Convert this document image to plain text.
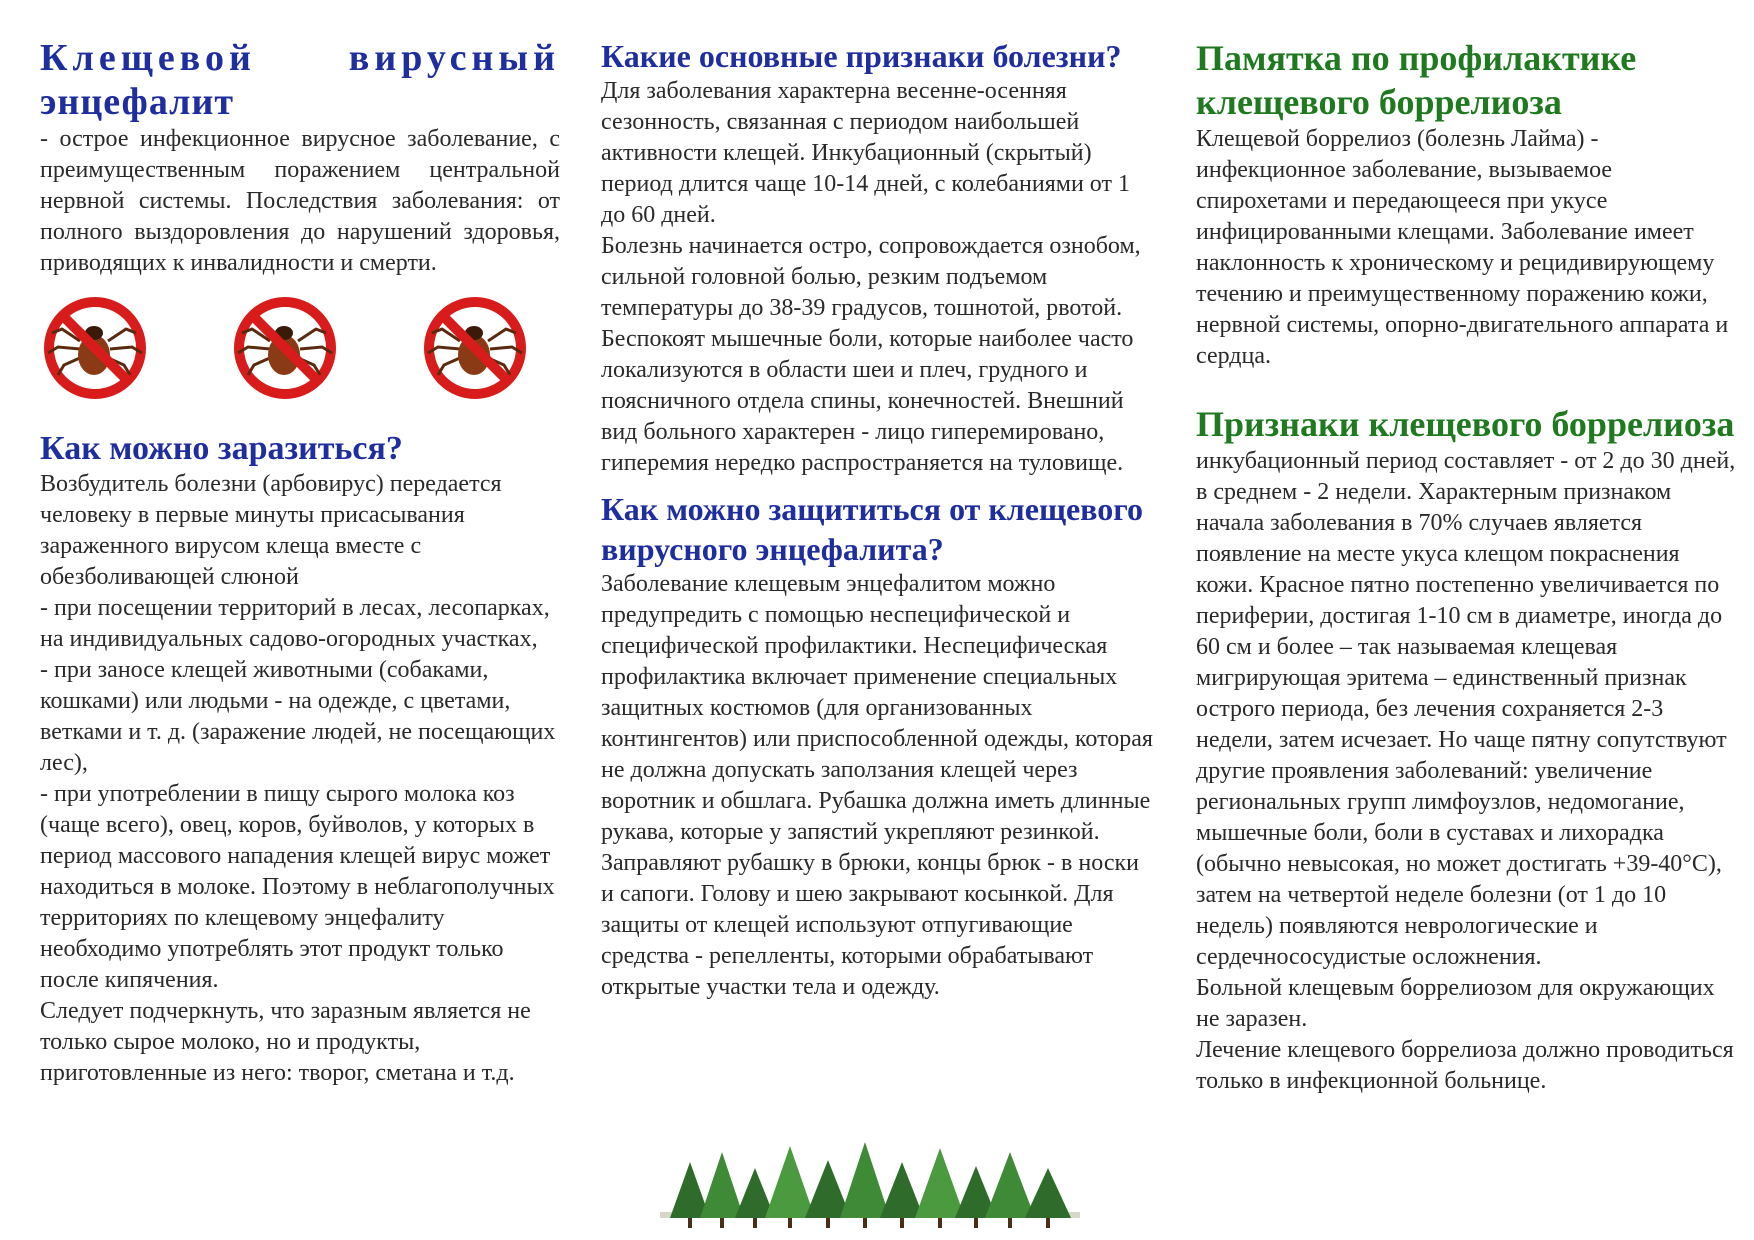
Клещевой вирусный
энцефалит

- острое инфекционное вирусное заболевание, с преимущественным поражением центральной нервной системы. Последствия заболевания: от полного выздоровления до нарушений здоровья, приводящих к инвалидности и смерти.

Как можно заразиться?

Возбудитель болезни (арбовирус) передается человеку в первые минуты присасывания зараженного вирусом клеща вместе с обезболивающей слюной

- при посещении территорий в лесах, лесопарках, на индивидуальных садово-огородных участках,

- при заносе клещей животными (собаками, кошками) или людьми - на одежде, с цветами, ветками и т. д. (заражение людей, не посещающих лес),

- при употреблении в пищу сырого молока коз (чаще всего), овец, коров, буйволов, у которых в период массового нападения клещей вирус может находиться в молоке. Поэтому в неблагополучных территориях по клещевому энцефалиту необходимо употреблять этот продукт только после кипячения.

Следует подчеркнуть, что заразным является не только сырое молоко, но и продукты, приготовленные из него: творог, сметана и т.д.

Какие основные признаки болезни?

Для заболевания характерна весенне-осенняя сезонность, связанная с периодом наибольшей активности клещей. Инкубационный (скрытый) период длится чаще 10-14 дней, с колебаниями от 1 до 60 дней.

Болезнь начинается остро, сопровождается ознобом, сильной головной болью, резким подъемом температуры до 38-39 градусов, тошнотой, рвотой. Беспокоят мышечные боли, которые наиболее часто локализуются в области шеи и плеч, грудного и поясничного отдела спины, конечностей. Внешний вид больного характерен - лицо гиперемировано, гиперемия нередко распространяется на туловище.

Как можно защититься от клещевого вирусного энцефалита?

Заболевание клещевым энцефалитом можно предупредить с помощью неспецифической и специфической профилактики. Неспецифическая профилактика включает применение специальных защитных костюмов (для организованных контингентов) или приспособленной одежды, которая не должна допускать заползания клещей через воротник и обшлага. Рубашка должна иметь длинные рукава, которые у запястий укрепляют резинкой. Заправляют рубашку в брюки, концы брюк - в носки и сапоги. Голову и шею закрывают косынкой. Для защиты от клещей используют отпугивающие средства - репелленты, которыми обрабатывают открытые участки тела и одежду.

Памятка по профилактике клещевого боррелиоза

Клещевой боррелиоз (болезнь Лайма) - инфекционное заболевание, вызываемое спирохетами и передающееся при укусе инфицированными клещами. Заболевание имеет наклонность к хроническому и рецидивирующему течению и преимущественному поражению кожи, нервной системы, опорно-двигательного аппарата и сердца.

Признаки клещевого боррелиоза

инкубационный период составляет - от 2 до 30 дней, в среднем - 2 недели. Характерным признаком начала заболевания в 70% случаев является появление на месте укуса клещом покраснения кожи. Красное пятно постепенно увеличивается по периферии, достигая 1-10 см в диаметре, иногда до 60 см и более – так называемая клещевая мигрирующая эритема – единственный признак острого периода, без лечения сохраняется 2-3 недели, затем исчезает. Но чаще пятну сопутствуют другие проявления заболеваний: увеличение региональных групп лимфоузлов, недомогание, мышечные боли, боли в суставах и лихорадка (обычно невысокая, но может достигать +39-40°С), затем на четвертой неделе болезни (от 1 до 10 недель) появляются неврологические и сердечнососудистые осложнения.

Больной клещевым боррелиозом для окружающих не заразен.

Лечение клещевого боррелиоза должно проводиться только в инфекционной больнице.
